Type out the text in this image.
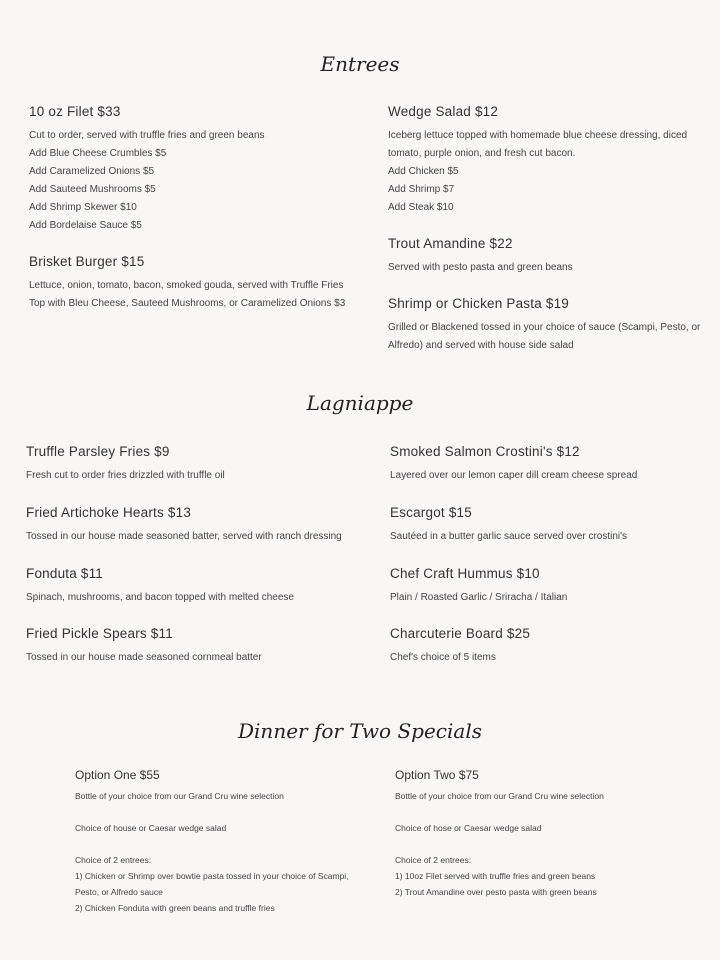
Entrees
10 oz Filet $33

Cut to order, served with truffle fries and green beans

Add Blue Cheese Crumbles $5

Add Caramelized Onions $5

Add Sauteed Mushrooms $5

Add Shrimp Skewer $10

Add Bordelaise Sauce $5

Brisket Burger $15

Lettuce, onion, tomato, bacon, smoked gouda, served with Truffle Fries

Top with Bleu Cheese, Sauteed Mushrooms, or Caramelized Onions $3

Wedge Salad $12

Iceberg lettuce topped with homemade blue cheese dressing, diced

tomato, purple onion, and fresh cut bacon.

Add Chicken $5

Add Shrimp $7

Add Steak $10

Trout Amandine $22

Served with pesto pasta and green beans

Shrimp or Chicken Pasta $19

Grilled or Blackened tossed in your choice of sauce (Scampi, Pesto, or

Alfredo) and served with house side salad

Lagniappe
Truffle Parsley Fries $9

Fresh cut to order fries drizzled with truffle oil

Fried Artichoke Hearts $13

Tossed in our house made seasoned batter, served with ranch dressing

Fonduta $11

Spinach, mushrooms, and bacon topped with melted cheese

Fried Pickle Spears $11

Tossed in our house made seasoned cornmeal batter

Smoked Salmon Crostini's $12

Layered over our lemon caper dill cream cheese spread

Escargot $15

Sautéed in a butter garlic sauce served over crostini's

Chef Craft Hummus $10

Plain / Roasted Garlic / Sriracha / Italian

Charcuterie Board $25

Chef's choice of 5 items

Dinner for Two Specials
Option One $55

Bottle of your choice from our Grand Cru wine selection

Choice of house or Caesar wedge salad

Choice of 2 entrees:

1) Chicken or Shrimp over bowtie pasta tossed in your choice of Scampi,

Pesto, or Alfredo sauce

2) Chicken Fonduta with green beans and truffle fries

Option Two $75

Bottle of your choice from our Grand Cru wine selection

Choice of hose or Caesar wedge salad

Choice of 2 entrees:

1) 10oz Filet served with truffle fries and green beans

2) Trout Amandine over pesto pasta with green beans
